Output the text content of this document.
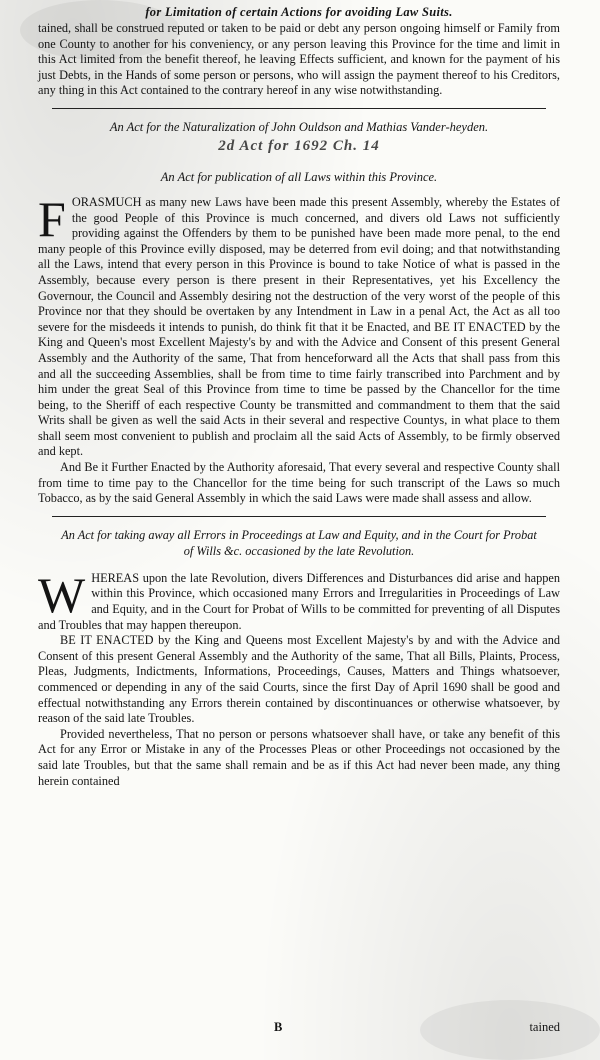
for Limitation of certain Actions for avoiding Law Suits.

tained, shall be construed reputed or taken to be paid or debt any person ongoing himself or Family from one County to another for his conveniency, or any person leaving this Province for the time and limit in this Act limited from the benefit thereof, he leaving Effects sufficient, and known for the payment of his just Debts, in the Hands of some person or persons, who will assign the payment thereof to his Creditors, any thing in this Act contained to the contrary hereof in any wise notwithstanding.

An Act for the Naturalization of John Ouldson and Mathias Vander-heyden.

2d Act for 1692 Ch. 14

An Act for publication of all Laws within this Province.

FORASMUCH as many new Laws have been made this present Assembly, whereby the Estates of the good People of this Province is much concerned, and divers old Laws not sufficiently providing against the Offenders by them to be punished have been made more penal, to the end many people of this Province evilly disposed, may be deterred from evil doing; and that notwithstanding all the Laws, intend that every person in this Province is bound to take Notice of what is passed in the Assembly, because every person is there present in their Representatives, yet his Excellency the Governour, the Council and Assembly desiring not the destruction of the very worst of the people of this Province nor that they should be overtaken by any Intendment in Law in a penal Act, the Act as all too severe for the misdeeds it intends to punish, do think fit that it be Enacted, and BE IT ENACTED by the King and Queen's most Excellent Majesty's by and with the Advice and Consent of this present General Assembly and the Authority of the same, That from henceforward all the Acts that shall pass from this and all the succeeding Assemblies, shall be from time to time fairly transcribed into Parchment and by him under the great Seal of this Province from time to time be passed by the Chancellor for the time being, to the Sheriff of each respective County be transmitted and commandment to them that the said Writs shall be given as well the said Acts in their several and respective Countys, in what place to them shall seem most convenient to publish and proclaim all the said Acts of Assembly, to be firmly observed and kept.

And Be it Further Enacted by the Authority aforesaid, That every several and respective County shall from time to time pay to the Chancellor for the time being for such transcript of the Laws so much Tobacco, as by the said General Assembly in which the said Laws were made shall assess and allow.

An Act for taking away all Errors in Proceedings at Law and Equity, and in the Court for Probat of Wills &c. occasioned by the late Revolution.

WHEREAS upon the late Revolution, divers Differences and Disturbances did arise and happen within this Province, which occasioned many Errors and Irregularities in Proceedings of Law and Equity, and in the Court for Probat of Wills to be committed for preventing of all Disputes and Troubles that may happen thereupon.

BE IT ENACTED by the King and Queens most Excellent Majesty's by and with the Advice and Consent of this present General Assembly and the Authority of the same, That all Bills, Plaints, Process, Pleas, Judgments, Indictments, Informations, Proceedings, Causes, Matters and Things whatsoever, commenced or depending in any of the said Courts, since the first Day of April 1690 shall be good and effectual notwithstanding any Errors therein contained by discontinuances or otherwise whatsoever, by reason of the said late Troubles.

Provided nevertheless, That no person or persons whatsoever shall have, or take any benefit of this Act for any Error or Mistake in any of the Processes Pleas or other Proceedings not occasioned by the said late Troubles, but that the same shall remain and be as if this Act had never been made, any thing herein contained

B	tained
